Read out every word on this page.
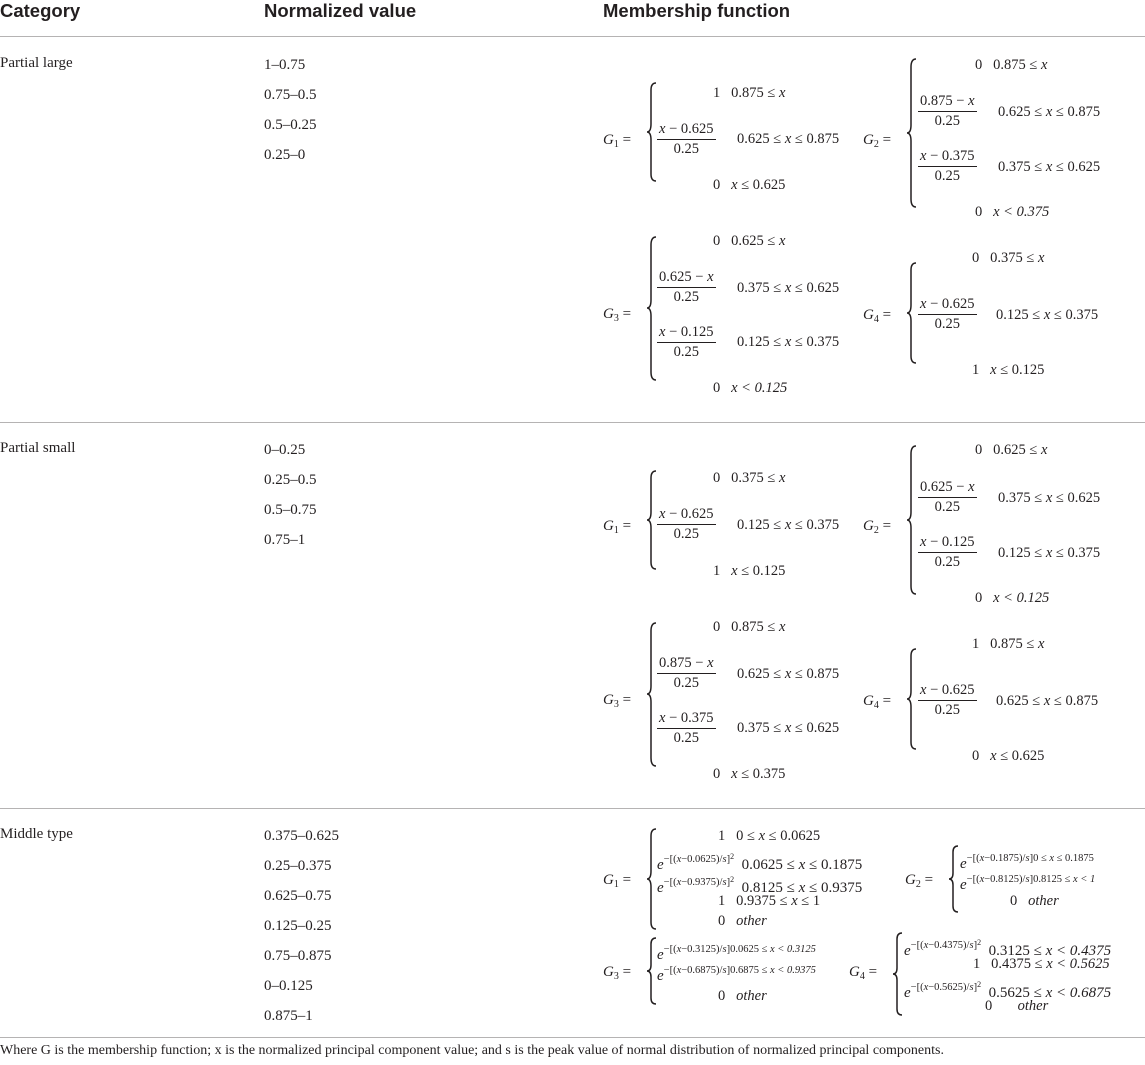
Category	Normalized value	Membership function
Partial large	1–0.75
0.75–0.5
0.5–0.25
0.25–0
$G_1$ =
1   0.875 ≤ x
$\frac{x - 0.625}{0.25} 0.625 \le x \le 0.875$
0   x ≤ 0.625
$G_2$ =
0   0.875 ≤ x
$\frac{0.875 - x}{0.25} 0.625 \le x \le 0.875$
$\frac{x - 0.375}{0.25} 0.375 \le x \le 0.625$
0   x < 0.375
$G_3$ =
0   0.625 ≤ x
$\frac{0.625 - x}{0.25} 0.375 \le x \le 0.625$
$\frac{x - 0.125}{0.25} 0.125 \le x \le 0.375$
0   x < 0.125
$G_4$ =
0   0.375 ≤ x
$\frac{x - 0.625}{0.25} 0.125 \le x \le 0.375$
1   x ≤ 0.125
Partial small	0–0.25
0.25–0.5
0.5–0.75
0.75–1
$G_1$ =
0   0.375 ≤ x
$\frac{x - 0.625}{0.25} 0.125 \le x \le 0.375$
1   x ≤ 0.125
$G_2$ =
0   0.625 ≤ x
$\frac{0.625 - x}{0.25} 0.375 \le x \le 0.625$
$\frac{x - 0.125}{0.25} 0.125 \le x \le 0.375$
0   x < 0.125
$G_3$ =
0   0.875 ≤ x
$\frac{0.875 - x}{0.25} 0.625 \le x \le 0.875$
$\frac{x - 0.375}{0.25} 0.375 \le x \le 0.625$
0   x ≤ 0.375
$G_4$ =
1   0.875 ≤ x
$\frac{x - 0.625}{0.25} 0.625 \le x \le 0.875$
0   x ≤ 0.625
Middle type	0.375–0.625
0.25–0.375
0.625–0.75
0.125–0.25
0.75–0.875
0–0.125
0.875–1
$G_1$ =
1   0 ≤ x ≤ 0.0625
$e^{-[(x-0.0625)/s]^2}$  0.0625 ≤ x ≤ 0.1875
$e^{-[(x-0.9375)/s]^2}$  0.8125 ≤ x ≤ 0.9375
1   0.9375 ≤ x ≤ 1
0   other
$G_2$ =
$e^{-[(x-0.1875)/s]0 \le x \le 0.1875}$
$e^{-[(x-0.8125)/s]0.8125 \le x < 1}$
0   other
$G_3$ =
$e^{-[(x-0.3125)/s]0.0625 \le x < 0.3125}$
$e^{-[(x-0.6875)/s]0.6875 \le x < 0.9375}$
0   other
$G_4$ =
$e^{-[(x-0.4375)/s]^2}$  0.3125 ≤ x < 0.4375
1   0.4375 ≤ x < 0.5625
$e^{-[(x-0.5625)/s]^2}$  0.5625 ≤ x < 0.6875
0       other
Where G is the membership function; x is the normalized principal component value; and s is the peak value of normal distribution of normalized principal components.
